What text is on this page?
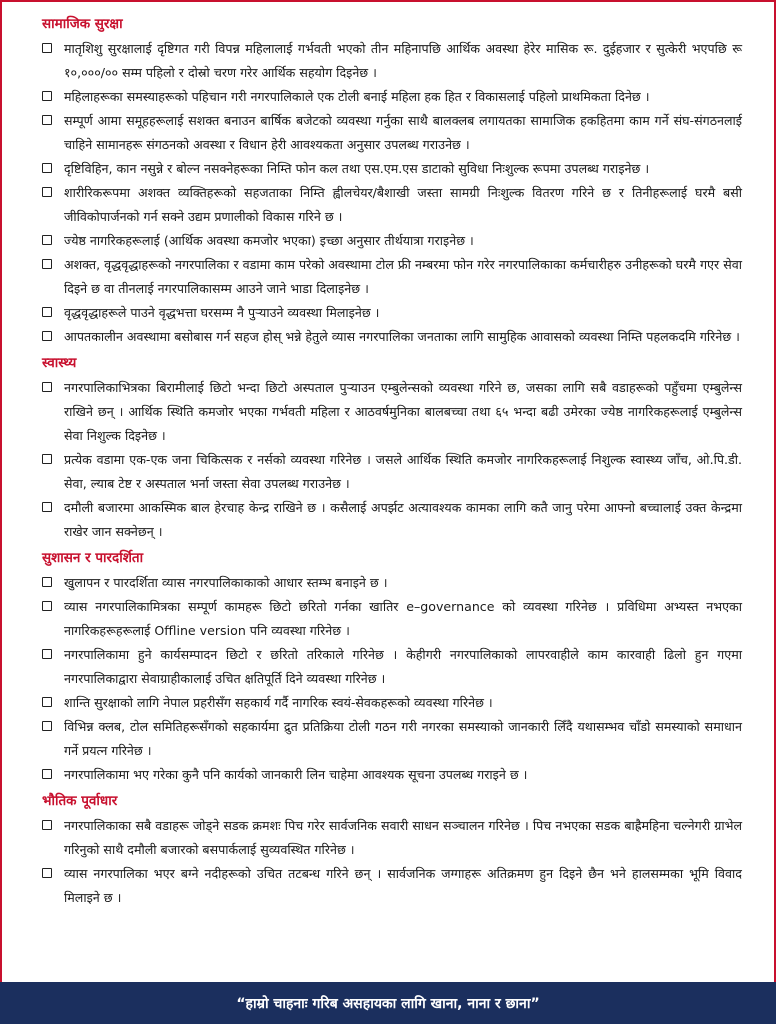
सामाजिक सुरक्षा
मातृशिशु सुरक्षालाई दृष्टिगत गरी विपन्न महिलालाई गर्भवती भएको तीन महिनापछि आर्थिक अवस्था हेरेर मासिक रू. दुईहजार र सुत्केरी भएपछि रू १०,०००/०० सम्म पहिलो र दोस्रो चरण गरेर आर्थिक सहयोग दिइनेछ ।
महिलाहरूका समस्याहरूको पहिचान गरी नगरपालिकाले एक टोली बनाई महिला हक हित र विकासलाई पहिलो प्राथमिकता दिनेछ ।
सम्पूर्ण आमा समूहहरूलाई सशक्त बनाउन बार्षिक बजेटको व्यवस्था गर्नुका साथै बालक्लब लगायतका सामाजिक हकहितमा काम गर्ने संघ-संगठनलाई चाहिने सामानहरू संगठनको अवस्था र विधान हेरी आवश्यकता अनुसार उपलब्ध गराउनेछ ।
दृष्टिविहिन, कान नसुन्ने र बोल्न नसक्नेहरूका निम्ति फोन कल तथा एस.एम.एस डाटाको सुविधा निःशुल्क रूपमा उपलब्ध गराइनेछ ।
शारीरिकरूपमा अशक्त व्यक्तिहरूको सहजताका निम्ति ह्वीलचेयर/बैशाखी जस्ता सामग्री निःशुल्क वितरण गरिने छ र तिनीहरूलाई घरमै बसी जीविकोपार्जनको गर्न सक्ने उद्यम प्रणालीको विकास गरिने छ ।
ज्येष्ठ नागरिकहरूलाई (आर्थिक अवस्था कमजोर भएका) इच्छा अनुसार तीर्थयात्रा गराइनेछ ।
अशक्त, वृद्धवृद्धाहरूको नगरपालिका र वडामा काम परेको अवस्थामा टोल फ्री नम्बरमा फोन गरेर नगरपालिकाका कर्मचारीहरु उनीहरूको घरमै गएर सेवा दिइने छ वा तीनलाई नगरपालिकासम्म आउने जाने भाडा दिलाइनेछ ।
वृद्धवृद्धाहरूले पाउने वृद्धभत्ता घरसम्म नै पुऱ्याउने व्यवस्था मिलाइनेछ ।
आपतकालीन अवस्थामा बसोबास गर्न सहज होस् भन्ने हेतुले व्यास नगरपालिका जनताका लागि सामुहिक आवासको व्यवस्था निम्ति पहलकदमि गरिनेछ ।
स्वास्थ्य
नगरपालिकाभित्रका बिरामीलाई छिटो भन्दा छिटो अस्पताल पुऱ्याउन एम्बुलेन्सको व्यवस्था गरिने छ, जसका लागि सबै वडाहरूको पहुँचमा एम्बुलेन्स राखिने छन् । आर्थिक स्थिति कमजोर भएका गर्भवती महिला र आठवर्षमुनिका बालबच्चा तथा ६५ भन्दा बढी उमेरका ज्येष्ठ नागरिकहरूलाई एम्बुलेन्स सेवा निशुल्क दिइनेछ ।
प्रत्येक वडामा एक-एक जना चिकित्सक र नर्सको व्यवस्था गरिनेछ । जसले आर्थिक स्थिति कमजोर नागरिकहरूलाई निशुल्क स्वास्थ्य जाँच, ओ.पि.डी. सेवा, ल्याब टेष्ट र अस्पताल भर्ना जस्ता सेवा उपलब्ध गराउनेछ ।
दमौली बजारमा आकस्मिक बाल हेरचाह केन्द्र राखिने छ । कसैलाई अपर्झट अत्यावश्यक कामका लागि कतै जानु परेमा आफ्नो बच्चालाई उक्त केन्द्रमा राखेर जान सक्नेछन् ।
सुशासन र पारदर्शिता
खुलापन र पारदर्शिता व्यास नगरपालिकाकाको आधार स्तम्भ बनाइने छ ।
व्यास नगरपालिकामित्रका सम्पूर्ण कामहरू छिटो छरितो गर्नका खातिर e–governance को व्यवस्था गरिनेछ । प्रविधिमा अभ्यस्त नभएका नागरिकहरूहरूलाई Offline version पनि व्यवस्था गरिनेछ ।
नगरपालिकामा हुने कार्यसम्पादन छिटो र छरितो तरिकाले गरिनेछ । केहीगरी नगरपालिकाको लापरवाहीले काम कारवाही ढिलो हुन गएमा नगरपालिकाद्वारा सेवाग्राहीकालाई उचित क्षतिपूर्ति दिने व्यवस्था गरिनेछ ।
शान्ति सुरक्षाको लागि नेपाल प्रहरीसँग सहकार्य गर्दै नागरिक स्वयं-सेवकहरूको व्यवस्था गरिनेछ ।
विभिन्न क्लब, टोल समितिहरूसँगको सहकार्यमा द्रुत प्रतिक्रिया टोली गठन गरी नगरका समस्याको जानकारी लिँदै यथासम्भव चाँडो समस्याको समाधान गर्ने प्रयत्न गरिनेछ ।
नगरपालिकामा भए गरेका कुनै पनि कार्यको जानकारी लिन चाहेमा आवश्यक सूचना उपलब्ध गराइने छ ।
भौतिक पूर्वाधार
नगरपालिकाका सबै वडाहरू जोड्ने सडक क्रमशः पिच गरेर सार्वजनिक सवारी साधन सञ्चालन गरिनेछ । पिच नभएका सडक बाह्रैमहिना चल्नेगरी ग्राभेल गरिनुको साथै दमौली बजारको बसपार्कलाई सुव्यवस्थित गरिनेछ ।
व्यास नगरपालिका भएर बग्ने नदीहरूको उचित तटबन्ध गरिने छन् । सार्वजनिक जग्गाहरू अतिक्रमण हुन दिइने छैन भने हालसम्मका भूमि विवाद मिलाइने छ ।
“हाम्रो चाहनाः गरिब असहायका लागि खाना, नाना र छाना”
